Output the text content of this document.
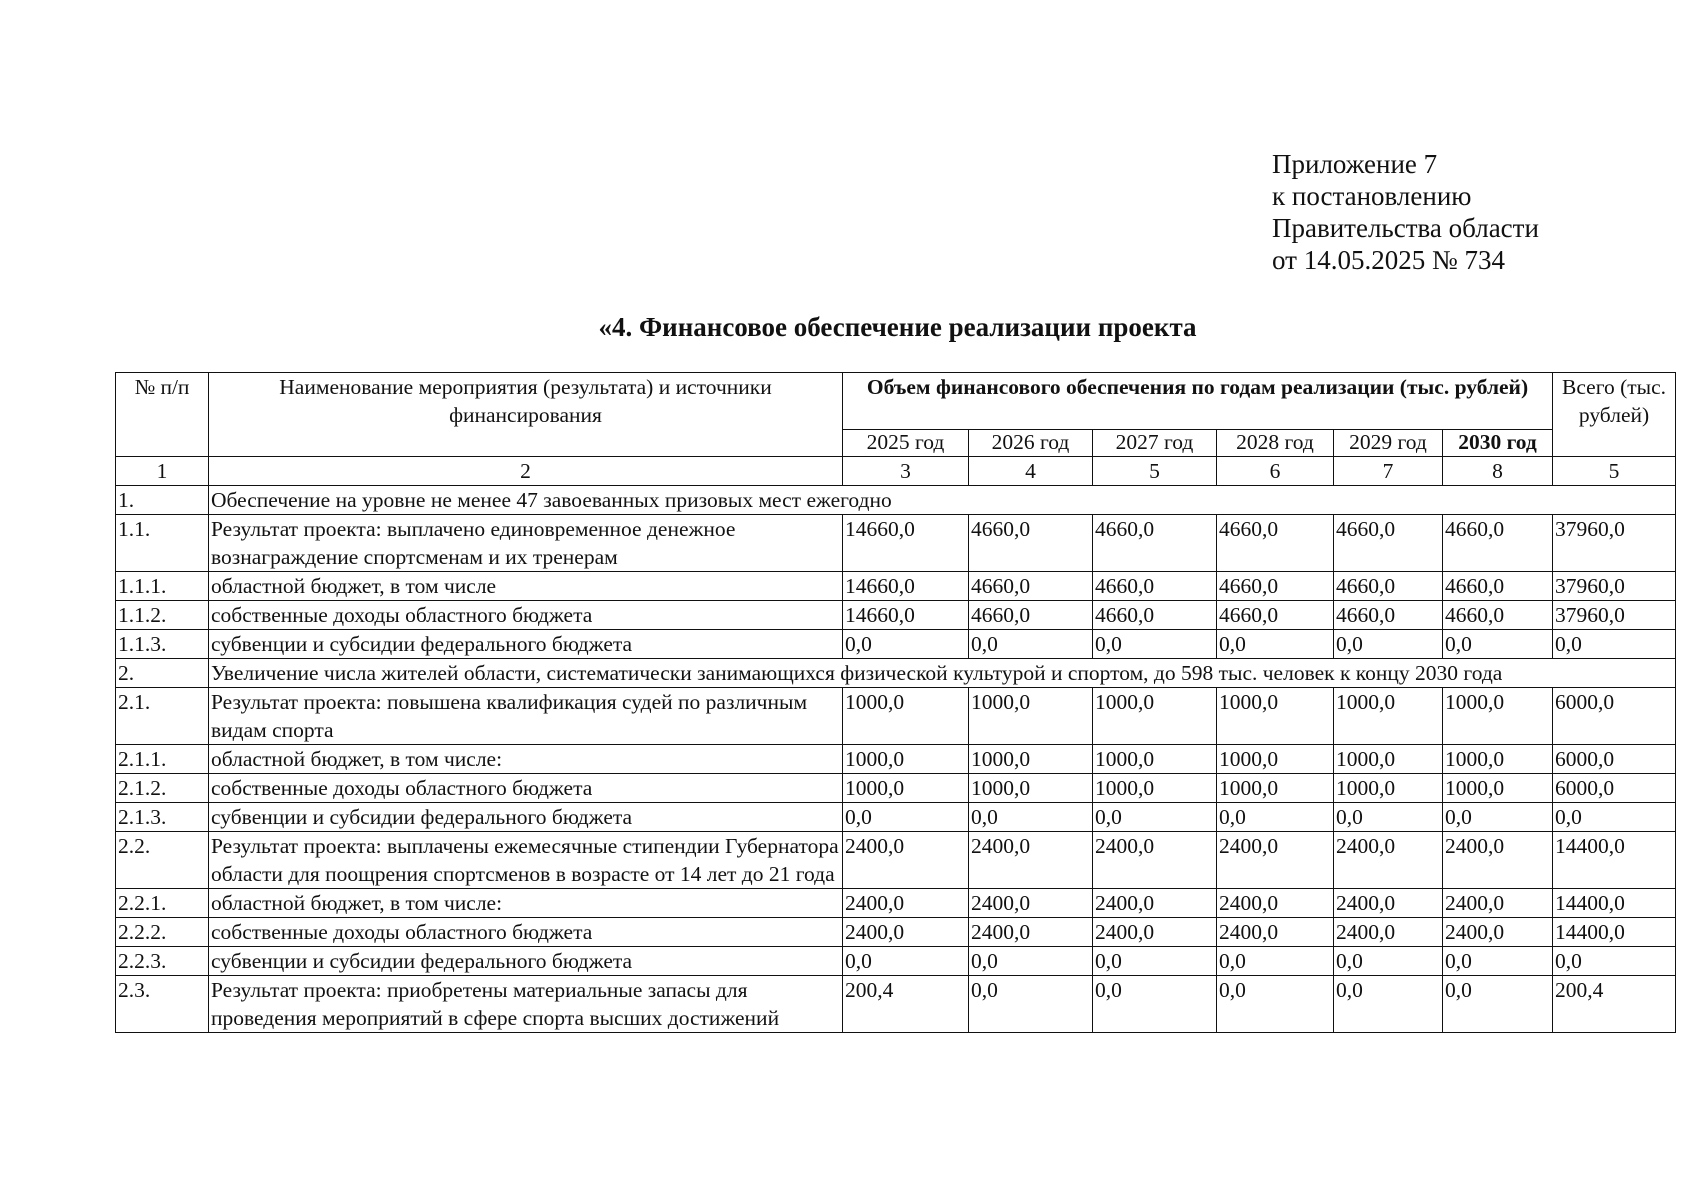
Приложение 7
к постановлению
Правительства области
от 14.05.2025 № 734
«4. Финансовое обеспечение реализации проекта
№ п/п	Наименование мероприятия (результата) и источники финансирования	Объем финансового обеспечения по годам реализации (тыс. рублей)						Всего (тыс. рублей)
		2025 год	2026 год	2027 год	2028 год	2029 год	2030 год	
1	2	3	4	5	6	7	8	5
1.	Обеспечение на уровне не менее 47 завоеванных призовых мест ежегодно							
1.1.	Результат проекта: выплачено единовременное денежное вознаграждение спортсменам и их тренерам	14660,0	4660,0	4660,0	4660,0	4660,0	4660,0	37960,0
1.1.1.	областной бюджет, в том числе	14660,0	4660,0	4660,0	4660,0	4660,0	4660,0	37960,0
1.1.2.	собственные доходы областного бюджета	14660,0	4660,0	4660,0	4660,0	4660,0	4660,0	37960,0
1.1.3.	субвенции и субсидии федерального бюджета	0,0	0,0	0,0	0,0	0,0	0,0	0,0
2.	Увеличение числа жителей области, систематически занимающихся физической культурой и спортом, до 598 тыс. человек к концу 2030 года							
2.1.	Результат проекта: повышена квалификация судей по различным видам спорта	1000,0	1000,0	1000,0	1000,0	1000,0	1000,0	6000,0
2.1.1.	областной бюджет, в том числе:	1000,0	1000,0	1000,0	1000,0	1000,0	1000,0	6000,0
2.1.2.	собственные доходы областного бюджета	1000,0	1000,0	1000,0	1000,0	1000,0	1000,0	6000,0
2.1.3.	субвенции и субсидии федерального бюджета	0,0	0,0	0,0	0,0	0,0	0,0	0,0
2.2.	Результат проекта: выплачены ежемесячные стипендии Губернатора области для поощрения спортсменов в возрасте от 14 лет до 21 года	2400,0	2400,0	2400,0	2400,0	2400,0	2400,0	14400,0
2.2.1.	областной бюджет, в том числе:	2400,0	2400,0	2400,0	2400,0	2400,0	2400,0	14400,0
2.2.2.	собственные доходы областного бюджета	2400,0	2400,0	2400,0	2400,0	2400,0	2400,0	14400,0
2.2.3.	субвенции и субсидии федерального бюджета	0,0	0,0	0,0	0,0	0,0	0,0	0,0
2.3.	Результат проекта: приобретены материальные запасы для проведения мероприятий в сфере спорта высших достижений	200,4	0,0	0,0	0,0	0,0	0,0	200,4
